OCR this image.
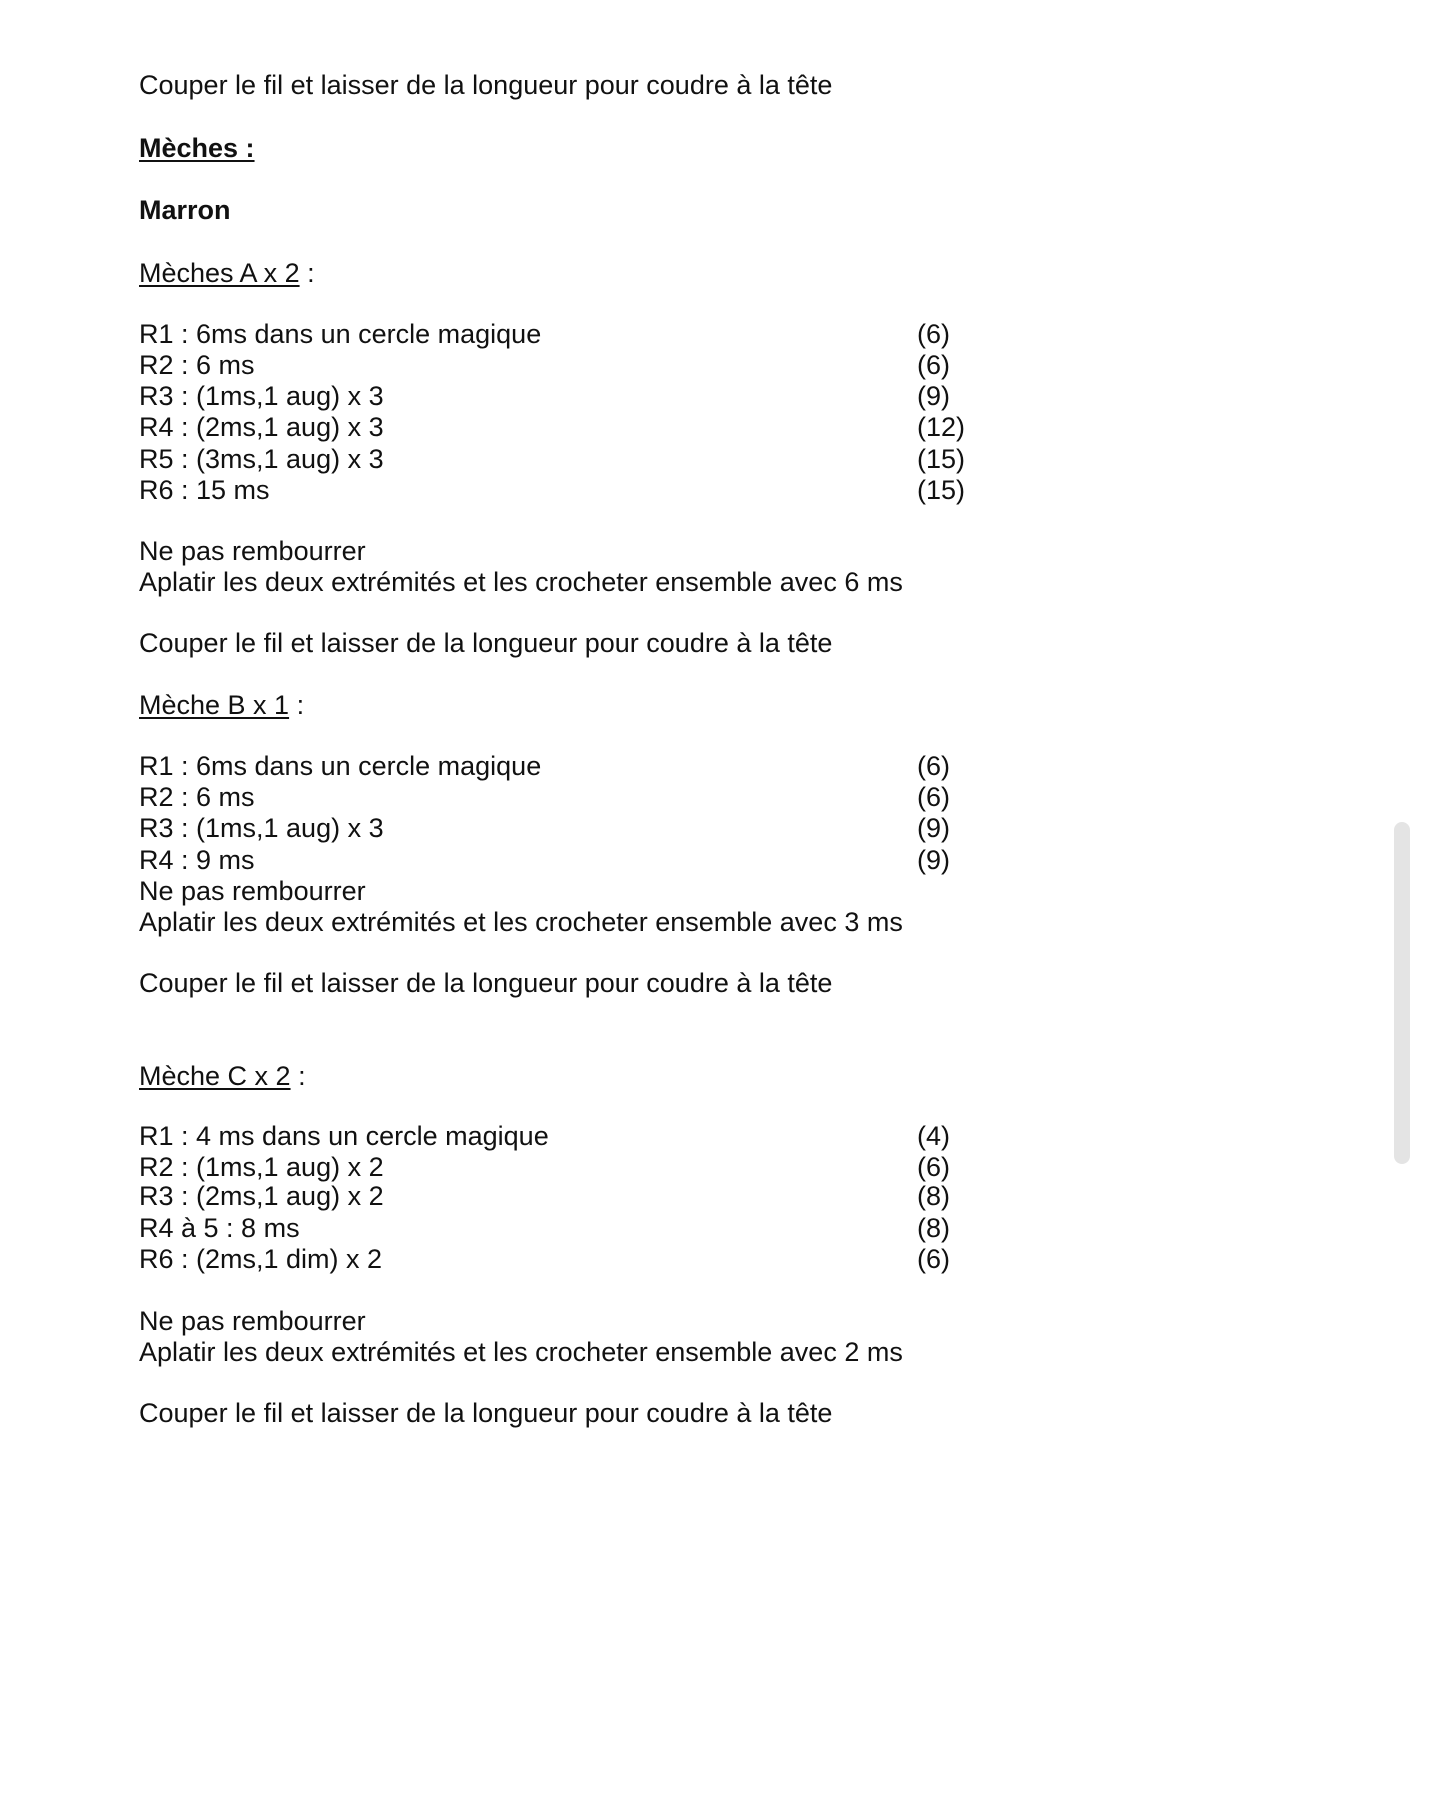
Couper le fil et laisser de la longueur pour coudre à la tête
Mèches :
Marron
Mèches A x 2 :
R1 : 6ms dans un cercle magique	(6)
R2 : 6 ms	(6)
R3 : (1ms,1 aug) x 3	(9)
R4 : (2ms,1 aug) x 3	(12)
R5 : (3ms,1 aug) x 3	(15)
R6 : 15 ms	(15)
Ne pas rembourrer
Aplatir les deux extrémités et les crocheter ensemble avec 6 ms
Couper le fil et laisser de la longueur pour coudre à la tête
Mèche B x 1 :
R1 : 6ms dans un cercle magique	(6)
R2 : 6 ms	(6)
R3 : (1ms,1 aug) x 3	(9)
R4 : 9 ms	(9)
Ne pas rembourrer
Aplatir les deux extrémités et les crocheter ensemble avec 3 ms
Couper le fil et laisser de la longueur pour coudre à la tête
Mèche C x 2 :
R1 : 4 ms dans un cercle magique	(4)
R2 : (1ms,1 aug) x 2	(6)
R3 : (2ms,1 aug) x 2	(8)
R4 à 5 : 8 ms	(8)
R6 : (2ms,1 dim) x 2	(6)
Ne pas rembourrer
Aplatir les deux extrémités et les crocheter ensemble avec 2 ms
Couper le fil et laisser de la longueur pour coudre à la tête
